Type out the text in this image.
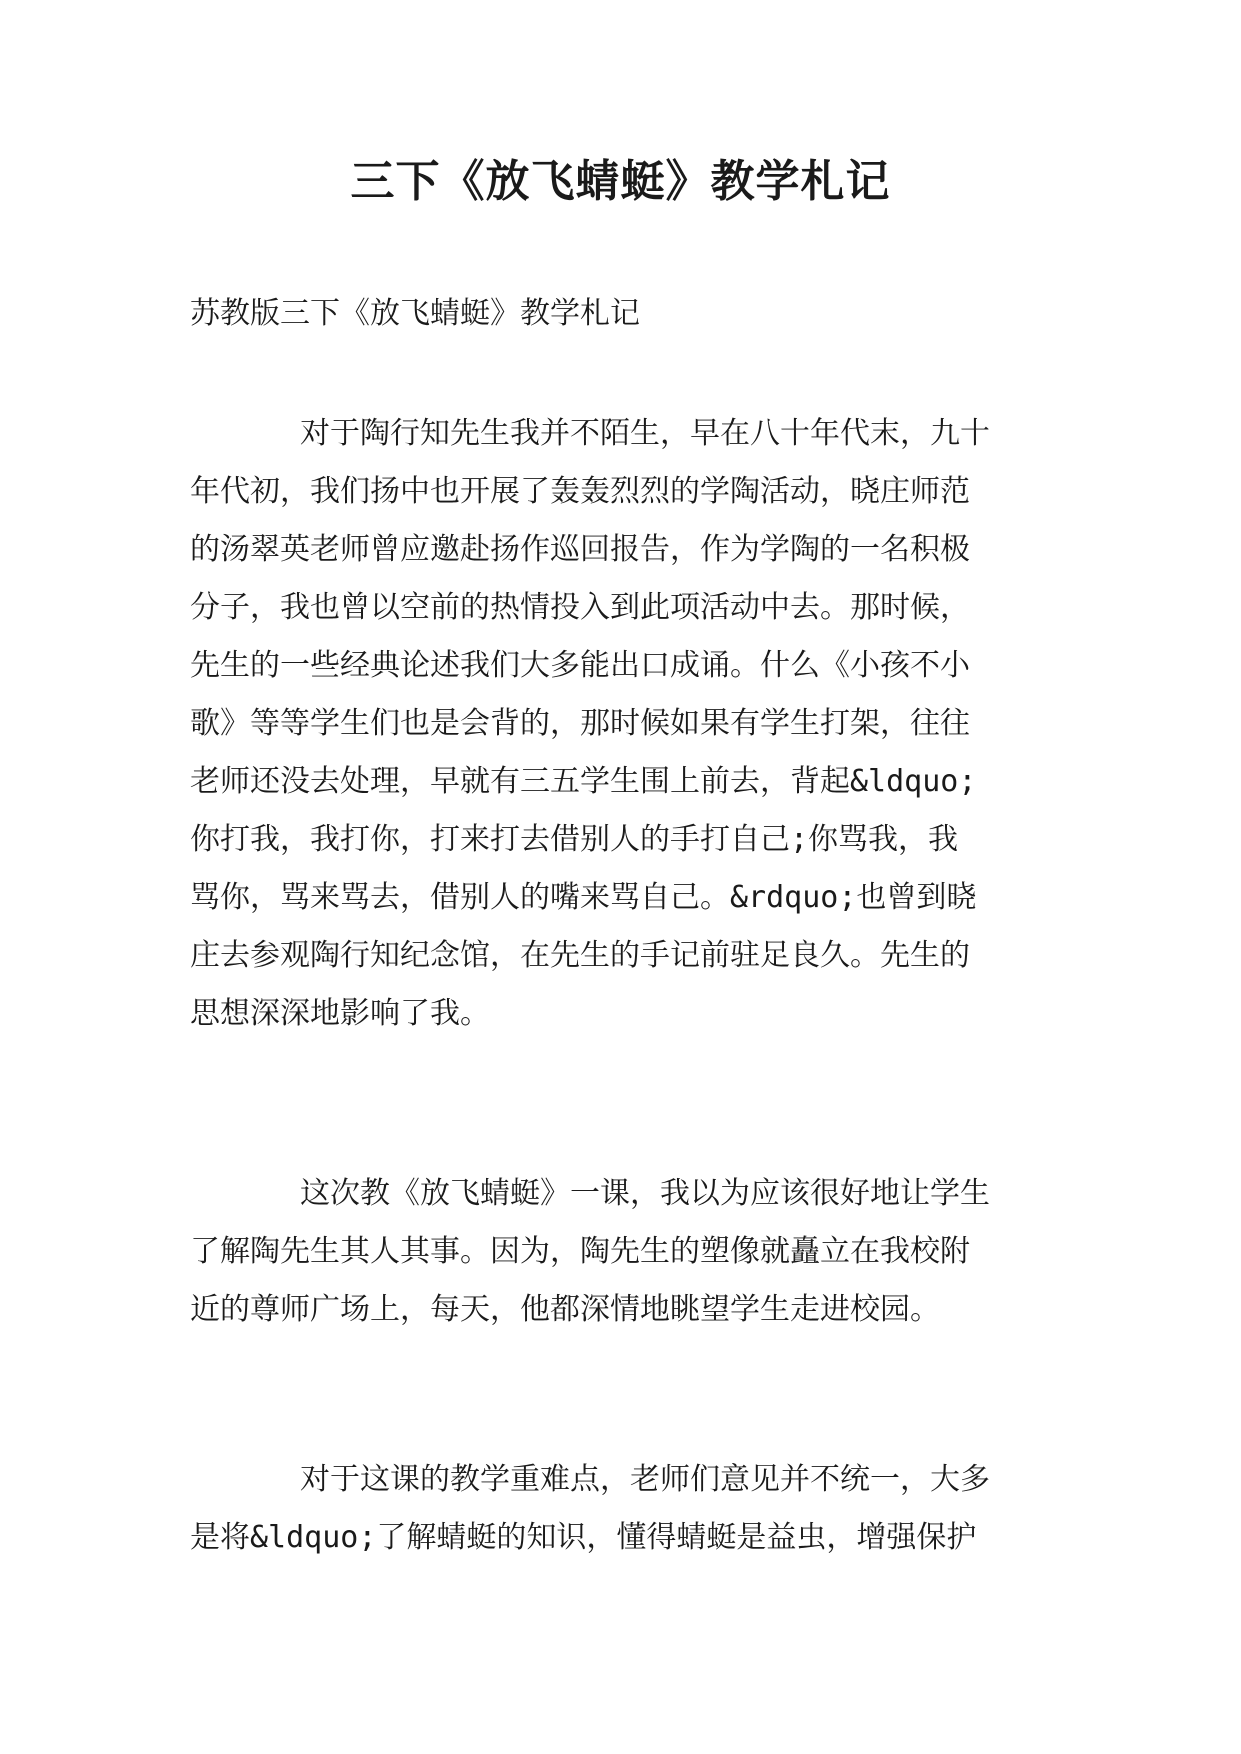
三下《放飞蜻蜓》教学札记

苏教版三下《放飞蜻蜓》教学札记

对于陶行知先生我并不陌生，早在八十年代末，九十
年代初，我们扬中也开展了轰轰烈烈的学陶活动，晓庄师范
的汤翠英老师曾应邀赴扬作巡回报告，作为学陶的一名积极
分子，我也曾以空前的热情投入到此项活动中去。那时候，
先生的一些经典论述我们大多能出口成诵。什么《小孩不小
歌》等等学生们也是会背的，那时候如果有学生打架，往往
老师还没去处理，早就有三五学生围上前去，背起&ldquo;
你打我，我打你，打来打去借别人的手打自己;你骂我，我
骂你，骂来骂去，借别人的嘴来骂自己。&rdquo;也曾到晓
庄去参观陶行知纪念馆，在先生的手记前驻足良久。先生的
思想深深地影响了我。
这次教《放飞蜻蜓》一课，我以为应该很好地让学生
了解陶先生其人其事。因为，陶先生的塑像就矗立在我校附
近的尊师广场上，每天，他都深情地眺望学生走进校园。
对于这课的教学重难点，老师们意见并不统一，大多
是将&ldquo;了解蜻蜓的知识，懂得蜻蜓是益虫，增强保护
